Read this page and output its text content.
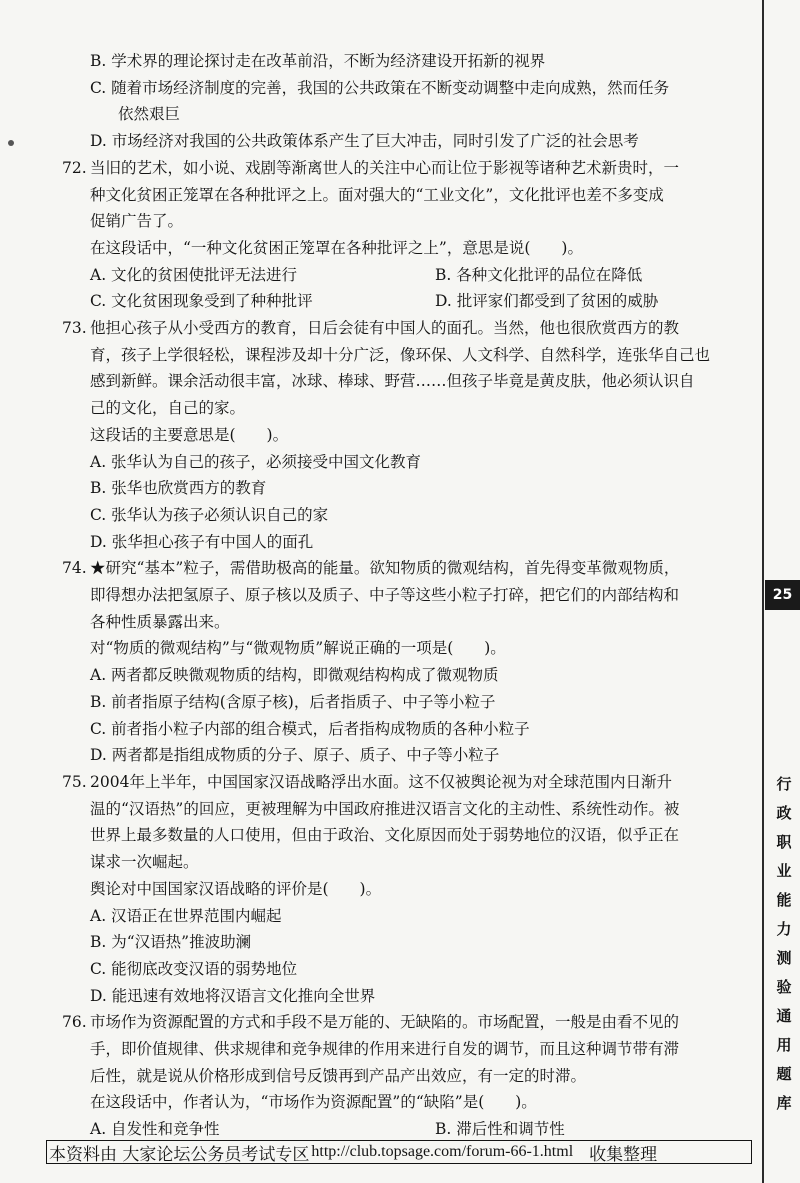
B. 学术界的理论探讨走在改革前沿，不断为经济建设开拓新的视界

C. 随着市场经济制度的完善，我国的公共政策在不断变动调整中走向成熟，然而任务

依然艰巨

D. 市场经济对我国的公共政策体系产生了巨大冲击，同时引发了广泛的社会思考

72. 当旧的艺术，如小说、戏剧等渐离世人的关注中心而让位于影视等诸种艺术新贵时，一

种文化贫困正笼罩在各种批评之上。面对强大的“工业文化”，文化批评也差不多变成

促销广告了。

在这段话中，“一种文化贫困正笼罩在各种批评之上”，意思是说(　　)。

A. 文化的贫困使批评无法进行	B. 各种文化批评的品位在降低
C. 文化贫困现象受到了种种批评	D. 批评家们都受到了贫困的威胁

73. 他担心孩子从小受西方的教育，日后会徒有中国人的面孔。当然，他也很欣赏西方的教

育，孩子上学很轻松，课程涉及却十分广泛，像环保、人文科学、自然科学，连张华自己也

感到新鲜。课余活动很丰富，冰球、棒球、野营……但孩子毕竟是黄皮肤，他必须认识自

己的文化，自己的家。

这段话的主要意思是(　　)。

A. 张华认为自己的孩子，必须接受中国文化教育

B. 张华也欣赏西方的教育

C. 张华认为孩子必须认识自己的家

D. 张华担心孩子有中国人的面孔

74. ★研究“基本”粒子，需借助极高的能量。欲知物质的微观结构，首先得变革微观物质，

即得想办法把氢原子、原子核以及质子、中子等这些小粒子打碎，把它们的内部结构和

各种性质暴露出来。

对“物质的微观结构”与“微观物质”解说正确的一项是(　　)。

A. 两者都反映微观物质的结构，即微观结构构成了微观物质

B. 前者指原子结构(含原子核)，后者指质子、中子等小粒子

C. 前者指小粒子内部的组合模式，后者指构成物质的各种小粒子

D. 两者都是指组成物质的分子、原子、质子、中子等小粒子

75. 2004年上半年，中国国家汉语战略浮出水面。这不仅被舆论视为对全球范围内日渐升

温的“汉语热”的回应，更被理解为中国政府推进汉语言文化的主动性、系统性动作。被

世界上最多数量的人口使用，但由于政治、文化原因而处于弱势地位的汉语，似乎正在

谋求一次崛起。

舆论对中国国家汉语战略的评价是(　　)。

A. 汉语正在世界范围内崛起

B. 为“汉语热”推波助澜

C. 能彻底改变汉语的弱势地位

D. 能迅速有效地将汉语言文化推向全世界

76. 市场作为资源配置的方式和手段不是万能的、无缺陷的。市场配置，一般是由看不见的

手，即价值规律、供求规律和竞争规律的作用来进行自发的调节，而且这种调节带有滞

后性，就是说从价格形成到信号反馈再到产品产出效应，有一定的时滞。

在这段话中，作者认为，“市场作为资源配置”的“缺陷”是(　　)。

A. 自发性和竞争性	B. 滞后性和调节性
25
行
政
职
业
能
力
测
验
通
用
题
库
本资料由 大家论坛公务员考试专区 http://club.topsage.com/forum-66-1.html 收集整理
